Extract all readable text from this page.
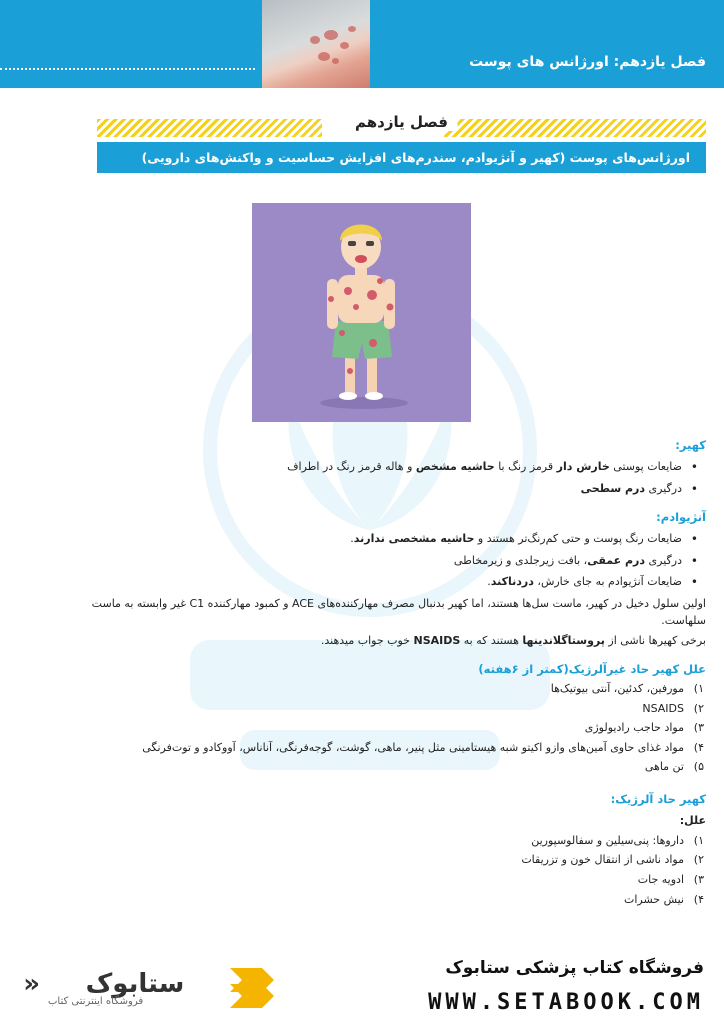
فصل یازدهم: اورژانس های پوست
فصل یازدهم
اورژانس‌های پوست (کهیر و آنژیوادم، سندرم‌های افزایش حساسیت و واکنش‌های دارویی)
کهیر:
• ضایعات پوستی خارش دار قرمز رنگ با حاشیه مشخص و هاله قرمز رنگ در اطراف
• درگیری درم سطحی
آنژیوادم:
• ضایعات رنگ پوست و حتی کم‌رنگ‌تر هستند و حاشیه مشخصی ندارند.
• درگیری درم عمقی، بافت زیرجلدی و زیرمخاطی
• ضایعات آنژیوادم به جای خارش، دردناکند.

اولین سلول دخیل در کهیر، ماست سل‌ها هستند، اما کهیر بدنبال مصرف مهارکننده‌های ACE و کمبود مهارکننده C1 غیر وابسته به ماست سلهاست.

برخی کهیرها ناشی از پروستاگلاندینها هستند که به NSAIDS خوب جواب میدهند.

علل کهیر حاد غیرآلرژیک(کمتر از ۶هفته)
۱)
مورفین، کدئین، آنتی بیوتیک‌ها
۲)
NSAIDS
۳)
مواد حاجب رادیولوژی
۴)
مواد غذای حاوی آمین‌های وازو اکیتو شبه هیستامینی مثل پنیر، ماهی، گوشت، گوجه‌فرنگی، آناناس، آووکادو و توت‌فرنگی
۵)
تن ماهی
کهیر حاد آلرژیک:
علل:
۱)
داروها: پنی‌سیلین و سفالوسپورین
۲)
مواد ناشی از انتقال خون و تزریقات
۳)
ادویه جات
۴)
نیش حشرات
فروشگاه کتاب پزشکی ستابوک
WWW.SETABOOK.COM
ستابوک
«
فروشگاه اینترنتی کتاب
